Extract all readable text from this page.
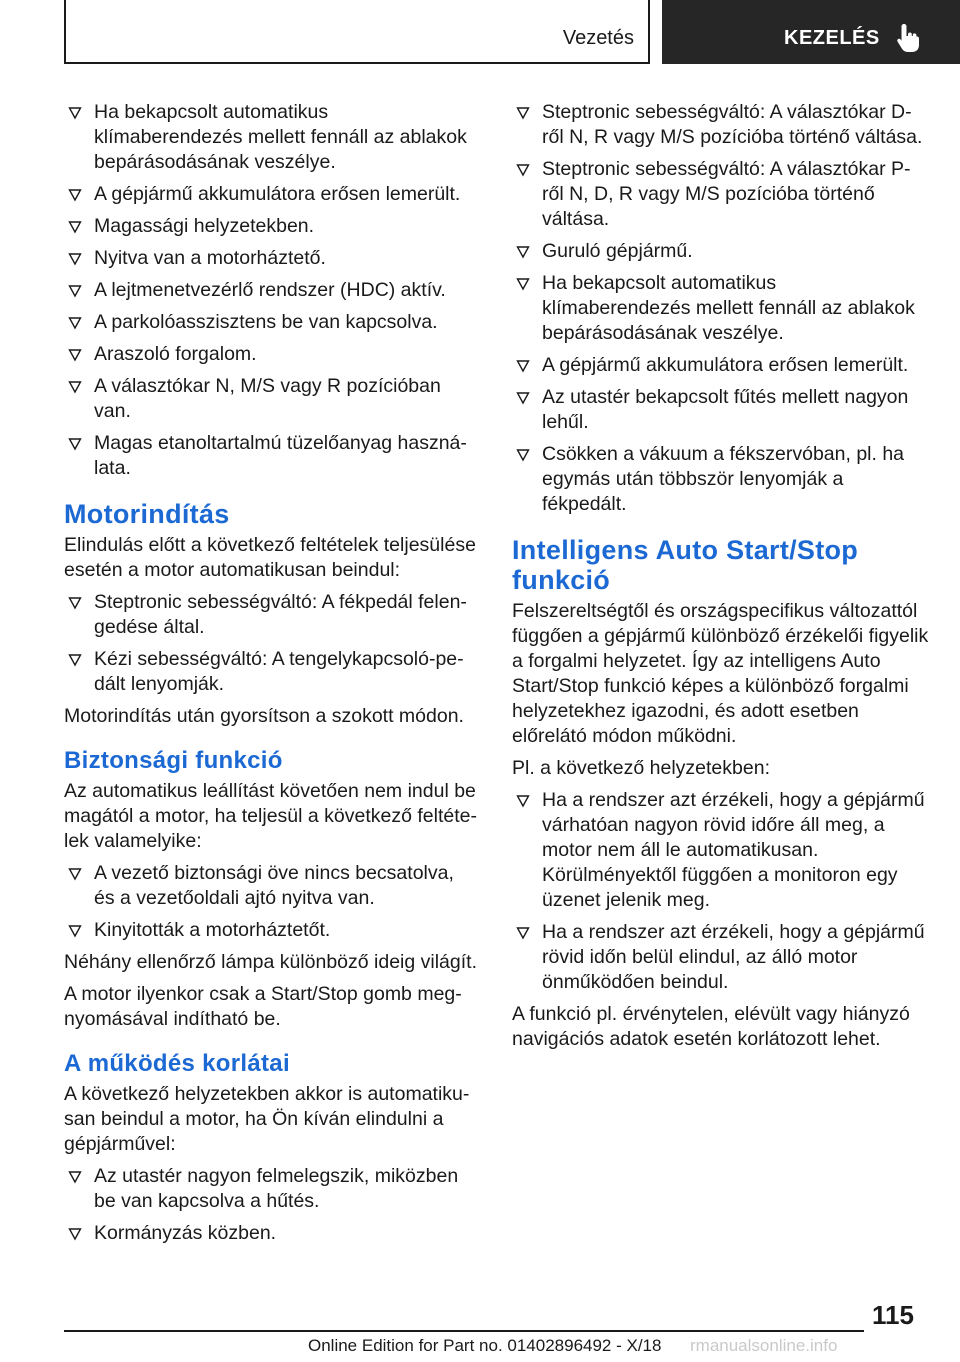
Vezetés	KEZELÉS
Ha bekapcsolt automatikus klímaberendezés mellett fennáll az ablakok bepárásodásának veszélye.
A gépjármű akkumulátora erősen lemerült.
Magassági helyzetekben.
Nyitva van a motorháztető.
A lejtmenetvezérlő rendszer (HDC) aktív.
A parkolóasszisztens be van kapcsolva.
Araszoló forgalom.
A választókar N, M/S vagy R pozícióban van.
Magas etanoltartalmú tüzelőanyag használata.
Motorindítás

Elindulás előtt a következő feltételek teljesülése esetén a motor automatikusan beindul:

Steptronic sebességváltó: A fékpedál felengedése által.
Kézi sebességváltó: A tengelykapcsoló-pedált lenyomják.

Motorindítás után gyorsítson a szokott módon.

Biztonsági funkció

Az automatikus leállítást követően nem indul be magától a motor, ha teljesül a következő feltételek valamelyike:

A vezető biztonsági öve nincs becsatolva, és a vezetőoldali ajtó nyitva van.
Kinyitották a motorháztetőt.

Néhány ellenőrző lámpa különböző ideig világít.

A motor ilyenkor csak a Start/Stop gomb megnyomásával indítható be.

A működés korlátai

A következő helyzetekben akkor is automatikusan beindul a motor, ha Ön kíván elindulni a gépjárművel:

Az utastér nagyon felmelegszik, miközben be van kapcsolva a hűtés.
Kormányzás közben.
Steptronic sebességváltó: A választókar D-ről N, R vagy M/S pozícióba történő váltása.
Steptronic sebességváltó: A választókar P-ről N, D, R vagy M/S pozícióba történő váltása.
Guruló gépjármű.
Ha bekapcsolt automatikus klímaberendezés mellett fennáll az ablakok bepárásodásának veszélye.
A gépjármű akkumulátora erősen lemerült.
Az utastér bekapcsolt fűtés mellett nagyon lehűl.
Csökken a vákuum a fékszervóban, pl. ha egymás után többször lenyomják a fékpedált.
Intelligens Auto Start/Stop funkció

Felszereltségtől és országspecifikus változattól függően a gépjármű különböző érzékelői figyelik a forgalmi helyzetet. Így az intelligens Auto Start/Stop funkció képes a különböző forgalmi helyzetekhez igazodni, és adott esetben előrelátó módon működni.

Pl. a következő helyzetekben:

Ha a rendszer azt érzékeli, hogy a gépjármű várhatóan nagyon rövid időre áll meg, a motor nem áll le automatikusan. Körülményektől függően a monitoron egy üzenet jelenik meg.
Ha a rendszer azt érzékeli, hogy a gépjármű rövid időn belül elindul, az álló motor önműködően beindul.

A funkció pl. érvénytelen, elévült vagy hiányzó navigációs adatok esetén korlátozott lehet.

115
Online Edition for Part no. 01402896492 - X/18 rmanualsonline.info
